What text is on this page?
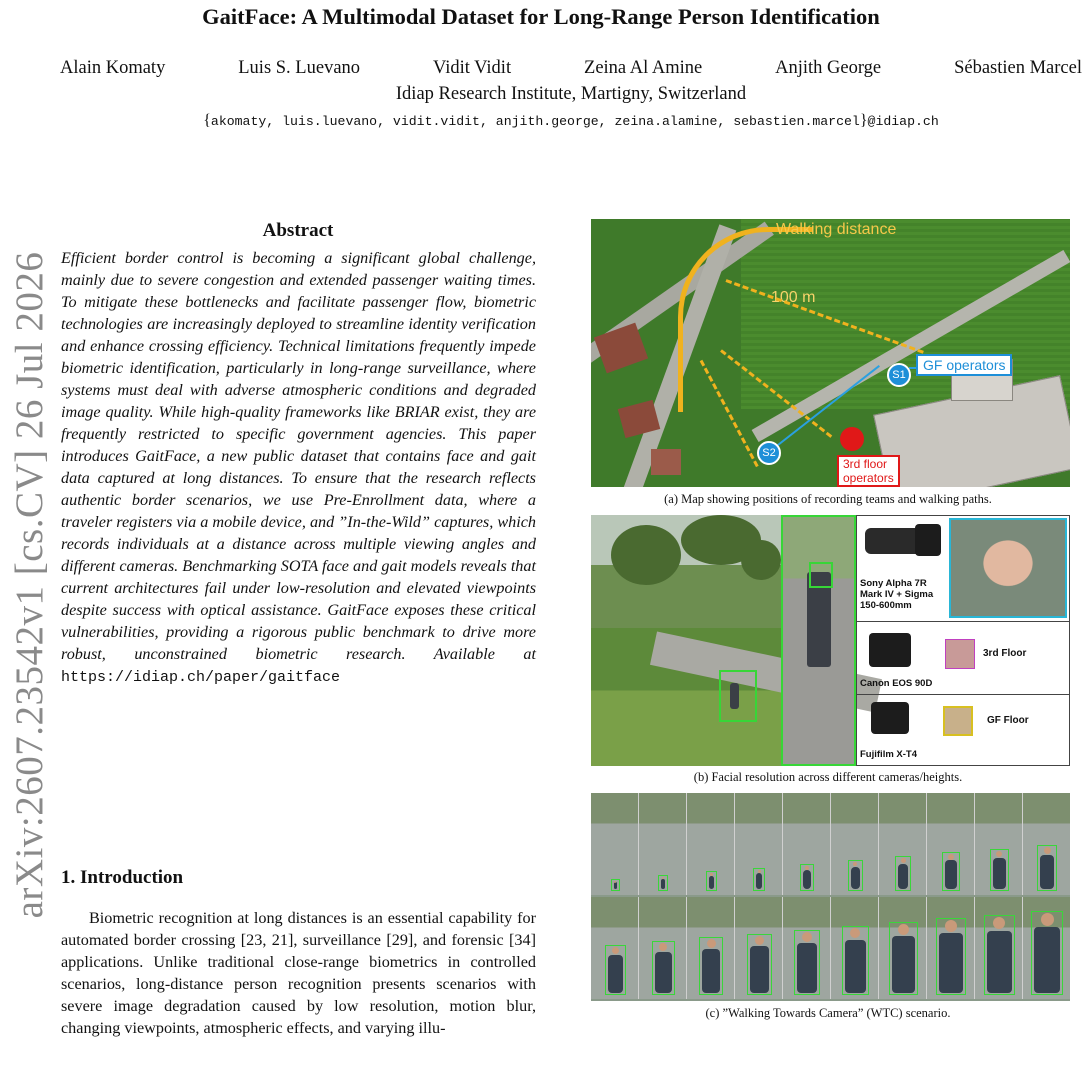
arXiv:2607.23542v1 [cs.CV] 26 Jul 2026
GaitFace: A Multimodal Dataset for Long-Range Person Identification
Alain Komaty	Luis S. Luevano	Vidit Vidit	Zeina Al Amine	Anjith George	Sébastien Marcel
Idiap Research Institute, Martigny, Switzerland
{akomaty, luis.luevano, vidit.vidit, anjith.george, zeina.alamine, sebastien.marcel}@idiap.ch
Abstract
Efficient border control is becoming a significant global challenge, mainly due to severe congestion and extended passenger waiting times. To mitigate these bottlenecks and facilitate passenger flow, biometric technologies are increasingly deployed to streamline identity verification and enhance crossing efficiency. Technical limitations frequently impede biometric identification, particularly in long-range surveillance, where systems must deal with adverse atmospheric conditions and degraded image quality. While high-quality frameworks like BRIAR exist, they are frequently restricted to specific government agencies. This paper introduces GaitFace, a new public dataset that contains face and gait data captured at long distances. To ensure that the research reflects authentic border scenarios, we use Pre-Enrollment data, where a traveler registers via a mobile device, and ”In-the-Wild” captures, which records individuals at a distance across multiple viewing angles and different cameras. Benchmarking SOTA face and gait models reveals that current architectures fail under low-resolution and elevated viewpoints despite success with optical assistance. GaitFace exposes these critical vulnerabilities, providing a rigorous public benchmark to drive more robust, unconstrained biometric research. Available at https://idiap.ch/paper/gaitface
1. Introduction

Biometric recognition at long distances is an essential capability for automated border crossing [23, 21], surveillance [29], and forensic [34] applications. Unlike traditional close-range biometrics in controlled scenarios, long-distance person recognition presents scenarios with severe image degradation caused by low resolution, motion blur, changing viewpoints, atmospheric effects, and varying illu-

Walking distance
100 m
S1
S2
GF operators
3rd floor
operators
(a) Map showing positions of recording teams and walking paths.
Sony Alpha 7R
Mark IV + Sigma
150-600mm
Canon EOS 90D
3rd Floor
Fujifilm X-T4
GF Floor
(b) Facial resolution across different cameras/heights.
(c) ”Walking Towards Camera” (WTC) scenario.
